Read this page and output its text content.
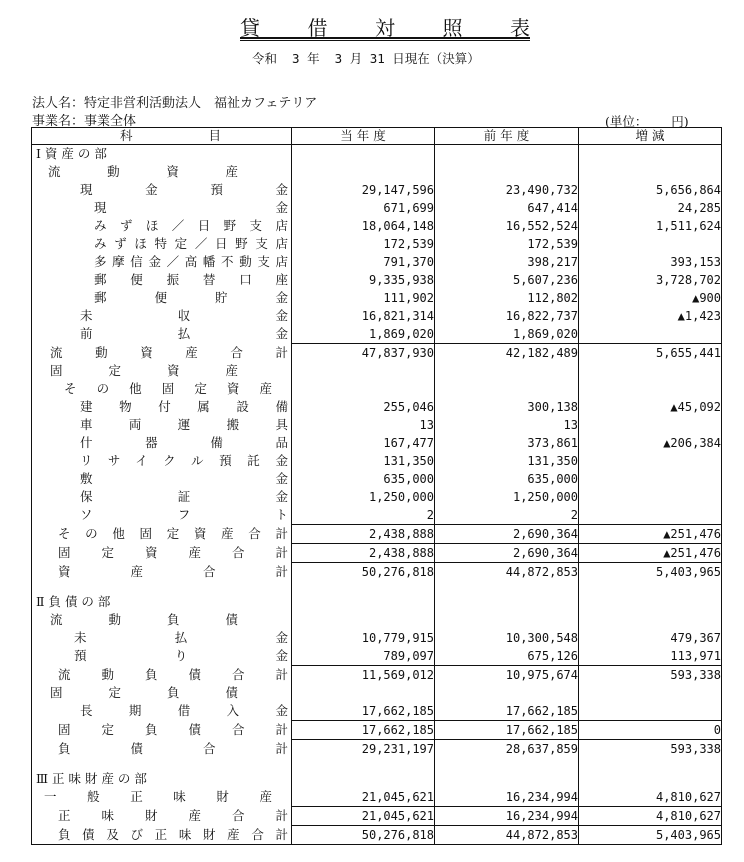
貸 借 対 照 表
令和  3 年  3 月 31 日現在（決算）
法人名：特定非営利活動法人　福祉カフェテリア
事業名：事業全体	(単位：      円)
科 目	当 年 度	前 年 度	増 減

Ⅰ 資 産 の 部			

流 動 資 産			

現 金 預 金	29,147,596	23,490,732	5,656,864

現 金	671,699	647,414	24,285

みずほ／日野支店	18,064,148	16,552,524	1,511,624

みずほ特定／日野支店	172,539	172,539	

多摩信金／高幡不動支店	791,370	398,217	393,153

郵 便 振 替 口 座	9,335,938	5,607,236	3,728,702

郵 便 貯 金	111,902	112,802	▲900

未 収 金	16,821,314	16,822,737	▲1,423

前 払 金	1,869,020	1,869,020	

流 動 資 産 合 計	47,837,930	42,182,489	5,655,441

固 定 資 産			

その他固定資産			

建 物 付 属 設 備	255,046	300,138	▲45,092

車 両 運 搬 具	13	13	

什 器 備 品	167,477	373,861	▲206,384

リサイクル預託金	131,350	131,350	

敷 金	635,000	635,000	

保 証 金	1,250,000	1,250,000	

ソ フ ト	2	2	

その他固定資産合計	2,438,888	2,690,364	▲251,476

固 定 資 産 合 計	2,438,888	2,690,364	▲251,476

資 産 合 計	50,276,818	44,872,853	5,403,965

Ⅱ 負 債 の 部			

流 動 負 債			

未 払 金	10,779,915	10,300,548	479,367

預 り 金	789,097	675,126	113,971

流 動 負 債 合 計	11,569,012	10,975,674	593,338

固 定 負 債			

長 期 借 入 金	17,662,185	17,662,185	

固 定 負 債 合 計	17,662,185	17,662,185	0

負 債 合 計	29,231,197	28,637,859	593,338

Ⅲ 正 味 財 産 の 部			

一 般 正 味 財 産	21,045,621	16,234,994	4,810,627

正 味 財 産 合 計	21,045,621	16,234,994	4,810,627

負債及び正味財産合計	50,276,818	44,872,853	5,403,965
